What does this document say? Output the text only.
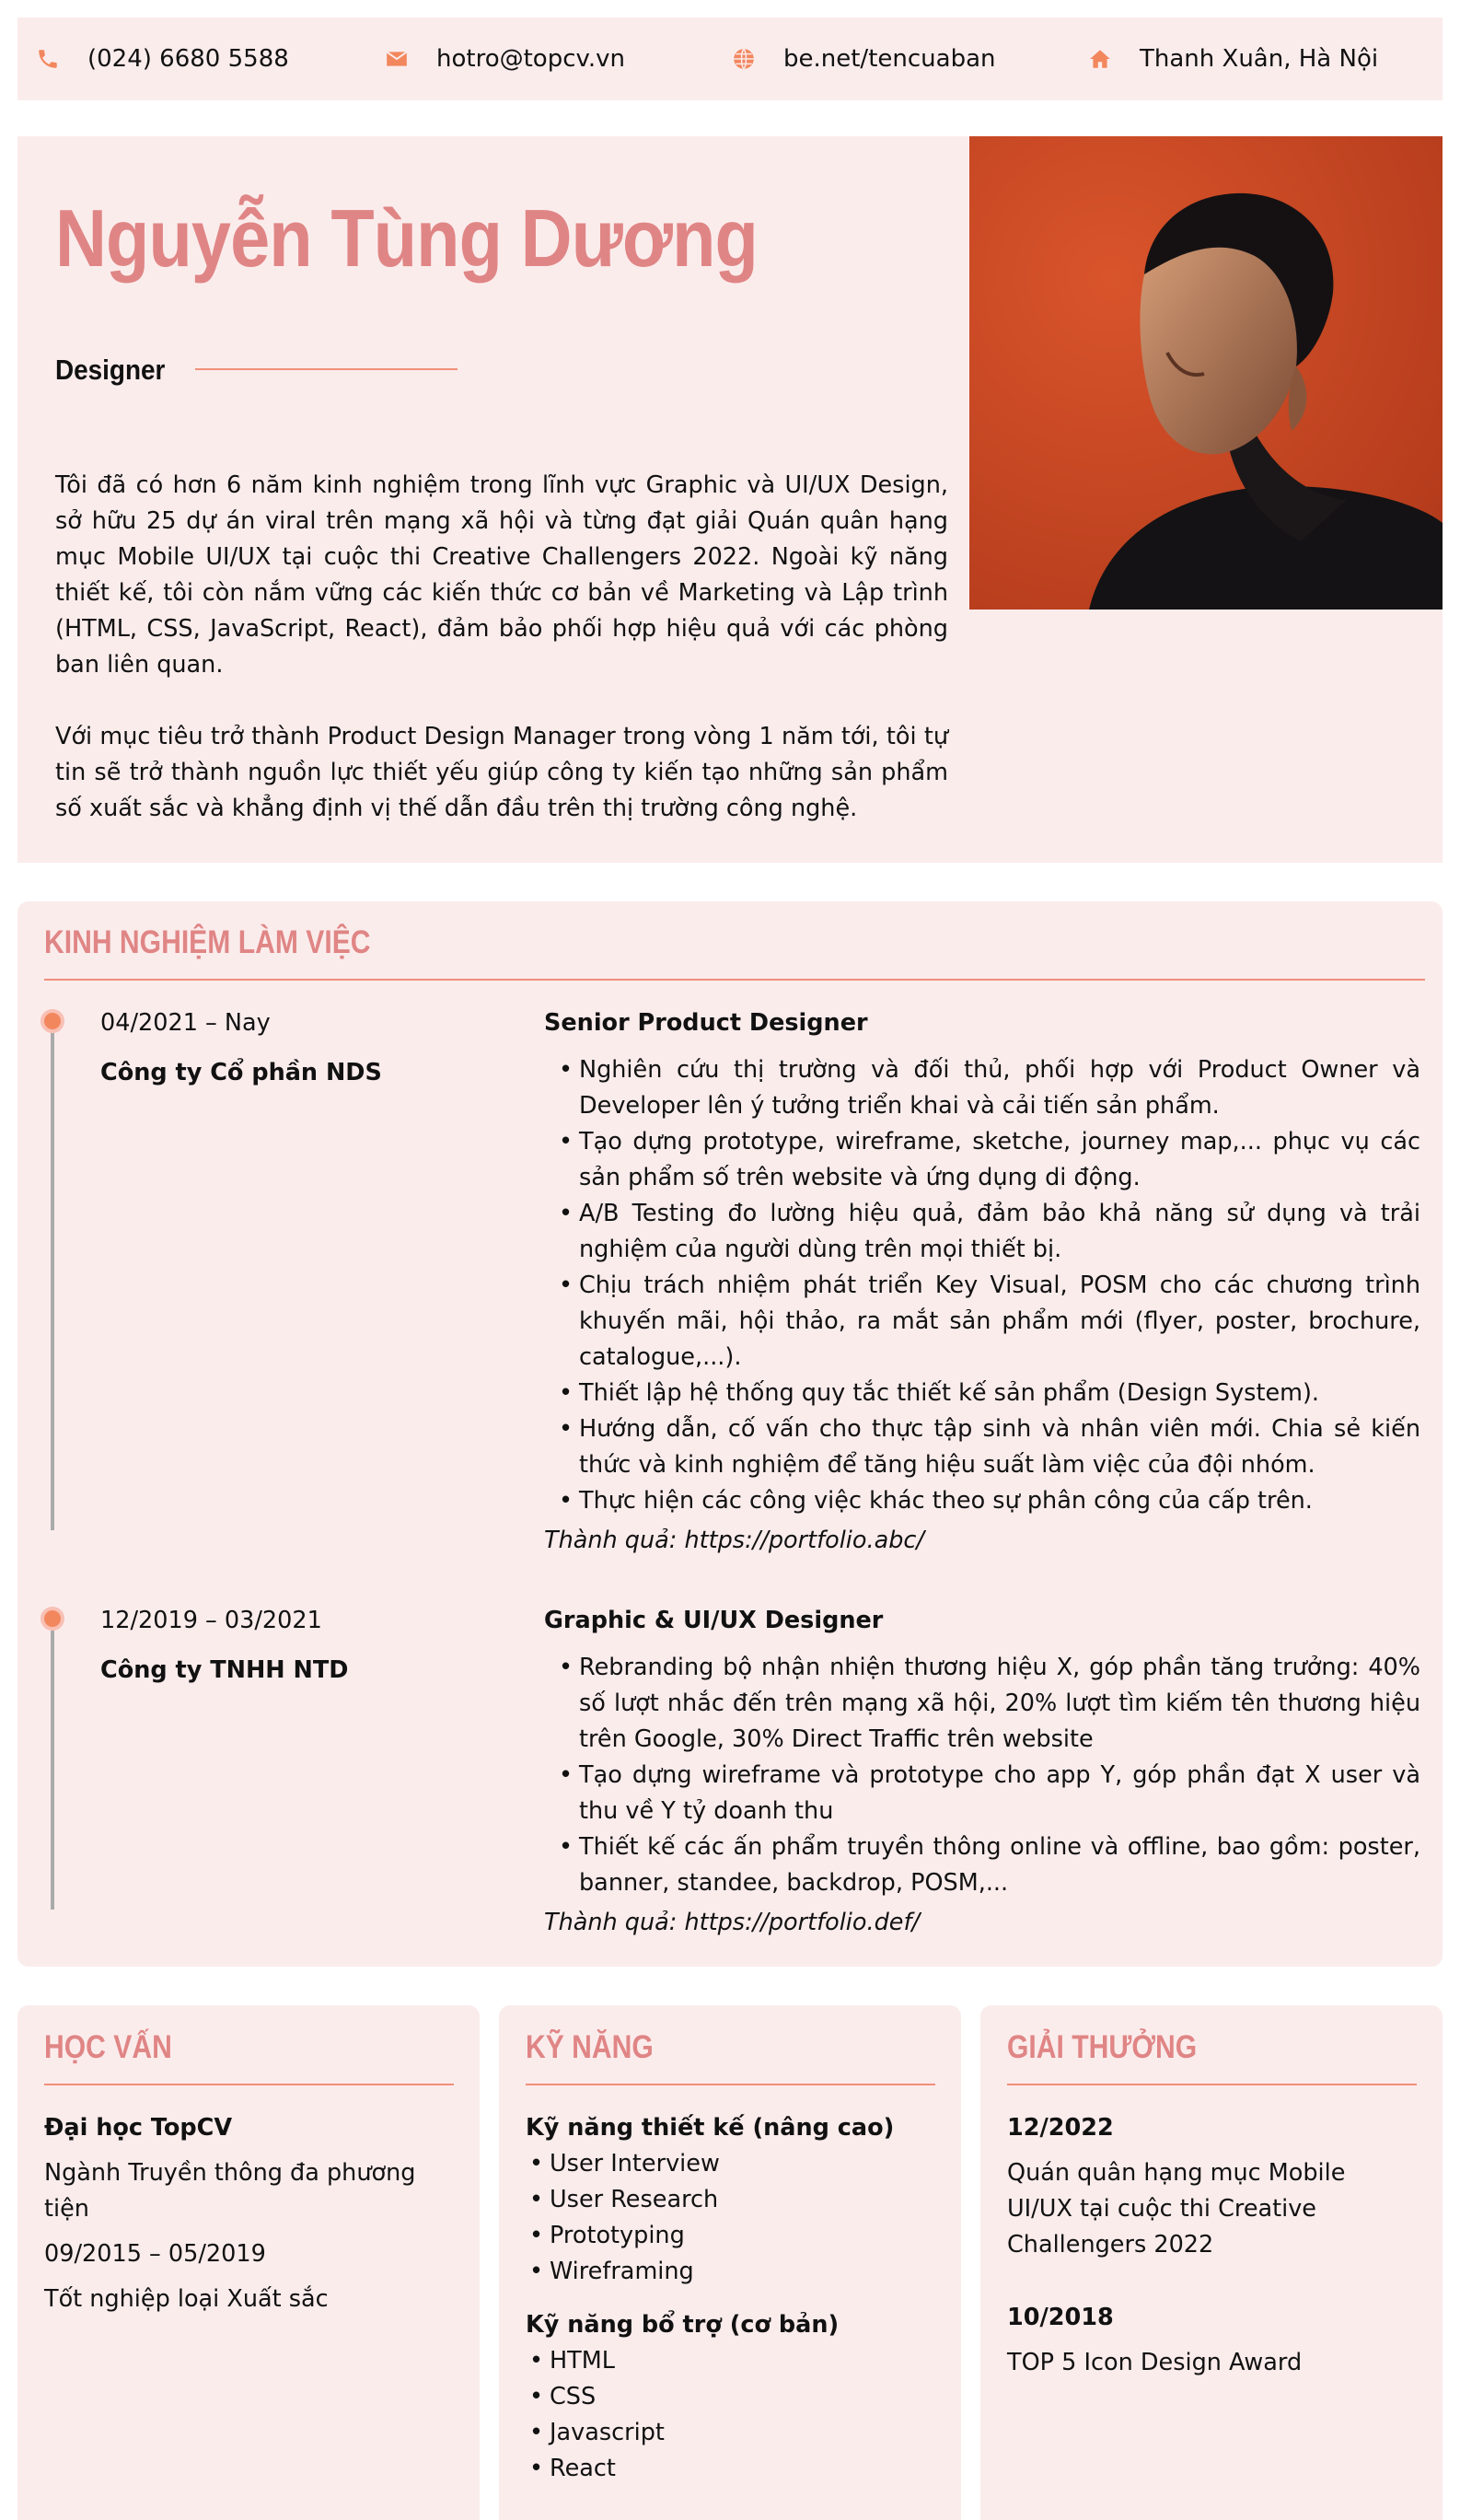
(024) 6680 5588	hotro@topcv.vn	be.net/tencuaban	Thanh Xuân, Hà Nội
Nguyễn Tùng Dương
Designer

Tôi đã có hơn 6 năm kinh nghiệm trong lĩnh vực Graphic và UI/UX Design, sở hữu 25 dự án viral trên mạng xã hội và từng đạt giải Quán quân hạng mục Mobile UI/UX tại cuộc thi Creative Challengers 2022. Ngoài kỹ năng thiết kế, tôi còn nắm vững các kiến thức cơ bản về Marketing và Lập trình (HTML, CSS, JavaScript, React), đảm bảo phối hợp hiệu quả với các phòng ban liên quan.

Với mục tiêu trở thành Product Design Manager trong vòng 1 năm tới, tôi tự tin sẽ trở thành nguồn lực thiết yếu giúp công ty kiến tạo những sản phẩm số xuất sắc và khẳng định vị thế dẫn đầu trên thị trường công nghệ.

KINH NGHIỆM LÀM VIỆC
04/2021 – Nay
Công ty Cổ phần NDS
Senior Product Designer
• Nghiên cứu thị trường và đối thủ, phối hợp với Product Owner và Developer lên ý tưởng triển khai và cải tiến sản phẩm.
• Tạo dựng prototype, wireframe, sketche, journey map,... phục vụ các sản phẩm số trên website và ứng dụng di động.
• A/B Testing đo lường hiệu quả, đảm bảo khả năng sử dụng và trải nghiệm của người dùng trên mọi thiết bị.
• Chịu trách nhiệm phát triển Key Visual, POSM cho các chương trình khuyến mãi, hội thảo, ra mắt sản phẩm mới (flyer, poster, brochure, catalogue,...).
• Thiết lập hệ thống quy tắc thiết kế sản phẩm (Design System).
• Hướng dẫn, cố vấn cho thực tập sinh và nhân viên mới. Chia sẻ kiến thức và kinh nghiệm để tăng hiệu suất làm việc của đội nhóm.
• Thực hiện các công việc khác theo sự phân công của cấp trên.
Thành quả: https://portfolio.abc/
12/2019 – 03/2021
Công ty TNHH NTD
Graphic & UI/UX Designer
• Rebranding bộ nhận nhiện thương hiệu X, góp phần tăng trưởng: 40% số lượt nhắc đến trên mạng xã hội, 20% lượt tìm kiếm tên thương hiệu trên Google, 30% Direct Traffic trên website
• Tạo dựng wireframe và prototype cho app Y, góp phần đạt X user và thu về Y tỷ doanh thu
• Thiết kế các ấn phẩm truyền thông online và offline, bao gồm: poster, banner, standee, backdrop, POSM,...
Thành quả: https://portfolio.def/
HỌC VẤN
Đại học TopCV
Ngành Truyền thông đa phương tiện
09/2015 – 05/2019
Tốt nghiệp loại Xuất sắc
KỸ NĂNG
Kỹ năng thiết kế (nâng cao)
• User Interview
• User Research
• Prototyping
• Wireframing
Kỹ năng bổ trợ (cơ bản)
• HTML
• CSS
• Javascript
• React
GIẢI THƯỞNG
12/2022
Quán quân hạng mục Mobile UI/UX tại cuộc thi Creative Challengers 2022
10/2018
TOP 5 Icon Design Award
